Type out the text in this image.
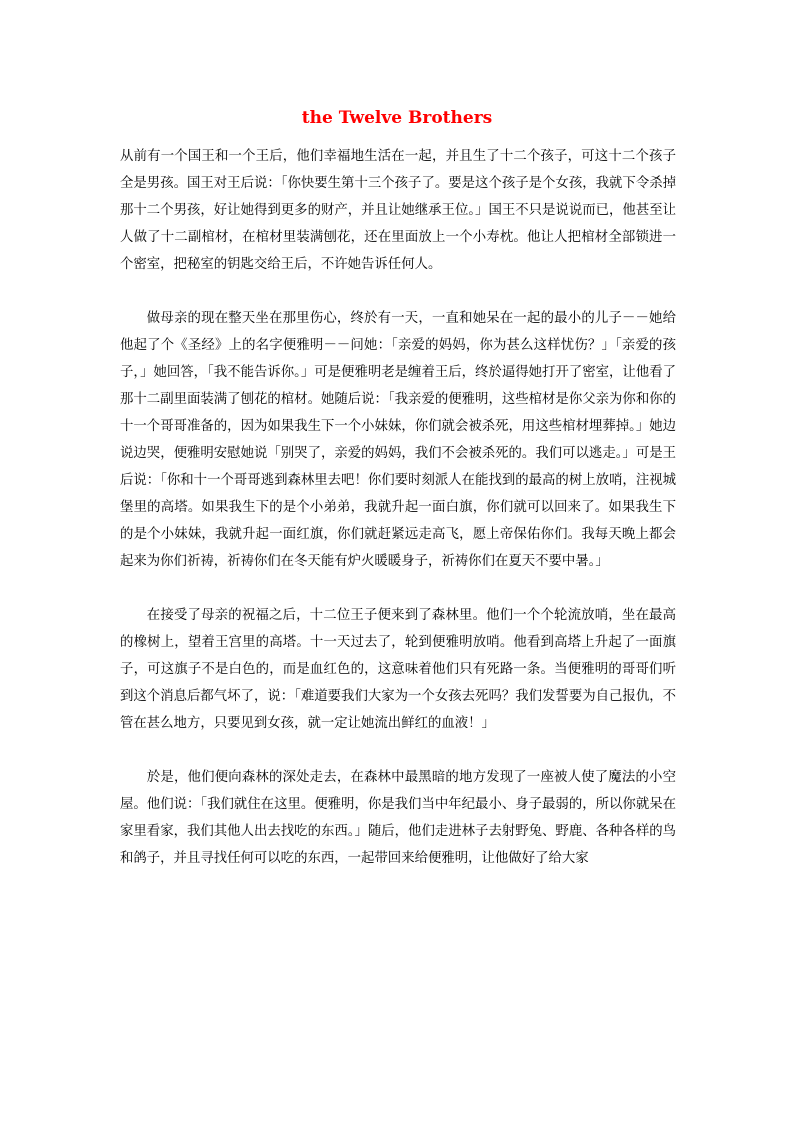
the Twelve Brothers

从前有一个国王和一个王后，他们幸福地生活在一起，并且生了十二个孩子，可这十二个孩子全是男孩。国王对王后说：「你快要生第十三个孩子了。要是这个孩子是个女孩，我就下令杀掉那十二个男孩，好让她得到更多的财产，并且让她继承王位。」国王不只是说说而已，他甚至让人做了十二副棺材，在棺材里装满刨花，还在里面放上一个小寿枕。他让人把棺材全部锁进一个密室，把秘室的钥匙交给王后，不许她告诉任何人。

做母亲的现在整天坐在那里伤心，终於有一天，一直和她呆在一起的最小的儿子－－她给他起了个《圣经》上的名字便雅明－－问她：「亲爱的妈妈，你为甚么这样忧伤？」「亲爱的孩子，」她回答，「我不能告诉你。」可是便雅明老是缠着王后，终於逼得她打开了密室，让他看了那十二副里面装满了刨花的棺材。她随后说：「我亲爱的便雅明，这些棺材是你父亲为你和你的十一个哥哥准备的，因为如果我生下一个小妹妹，你们就会被杀死，用这些棺材埋葬掉。」她边说边哭，便雅明安慰她说「别哭了，亲爱的妈妈，我们不会被杀死的。我们可以逃走。」可是王后说：「你和十一个哥哥逃到森林里去吧！你们要时刻派人在能找到的最高的树上放哨，注视城堡里的高塔。如果我生下的是个小弟弟，我就升起一面白旗，你们就可以回来了。如果我生下的是个小妹妹，我就升起一面红旗，你们就赶紧远走高飞，愿上帝保佑你们。我每天晚上都会起来为你们祈祷，祈祷你们在冬天能有炉火暖暖身子，祈祷你们在夏天不要中暑。」

在接受了母亲的祝福之后，十二位王子便来到了森林里。他们一个个轮流放哨，坐在最高的橡树上，望着王宫里的高塔。十一天过去了，轮到便雅明放哨。他看到高塔上升起了一面旗子，可这旗子不是白色的，而是血红色的，这意味着他们只有死路一条。当便雅明的哥哥们听到这个消息后都气坏了，说：「难道要我们大家为一个女孩去死吗？我们发誓要为自己报仇，不管在甚么地方，只要见到女孩，就一定让她流出鲜红的血液！」

於是，他们便向森林的深处走去，在森林中最黑暗的地方发现了一座被人使了魔法的小空屋。他们说：「我们就住在这里。便雅明，你是我们当中年纪最小、身子最弱的，所以你就呆在家里看家，我们其他人出去找吃的东西。」随后，他们走进林子去射野兔、野鹿、各种各样的鸟和鸽子，并且寻找任何可以吃的东西，一起带回来给便雅明，让他做好了给大家
